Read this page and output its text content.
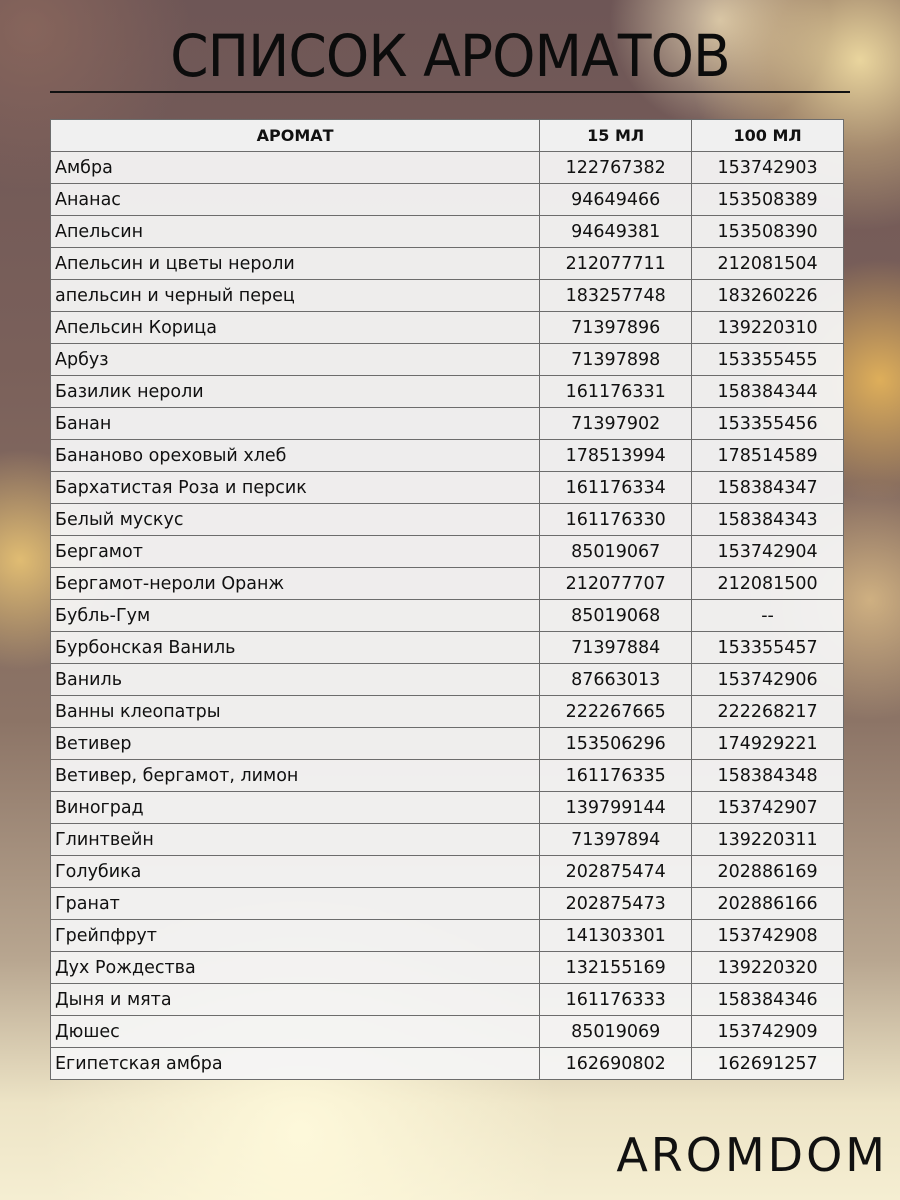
СПИСОК АРОМАТОВ
АРОМАТ	15 МЛ	100 МЛ
Амбра	122767382	153742903
Ананас	94649466	153508389
Апельсин	94649381	153508390
Апельсин и цветы нероли	212077711	212081504
апельсин и черный перец	183257748	183260226
Апельсин Корица	71397896	139220310
Арбуз	71397898	153355455
Базилик нероли	161176331	158384344
Банан	71397902	153355456
Бананово ореховый хлеб	178513994	178514589
Бархатистая Роза и персик	161176334	158384347
Белый мускус	161176330	158384343
Бергамот	85019067	153742904
Бергамот-нероли Оранж	212077707	212081500
Бубль-Гум	85019068	--
Бурбонская Ваниль	71397884	153355457
Ваниль	87663013	153742906
Ванны клеопатры	222267665	222268217
Ветивер	153506296	174929221
Ветивер, бергамот, лимон	161176335	158384348
Виноград	139799144	153742907
Глинтвейн	71397894	139220311
Голубика	202875474	202886169
Гранат	202875473	202886166
Грейпфрут	141303301	153742908
Дух Рождества	132155169	139220320
Дыня и мята	161176333	158384346
Дюшес	85019069	153742909
Египетская амбра	162690802	162691257
AROMDOM
